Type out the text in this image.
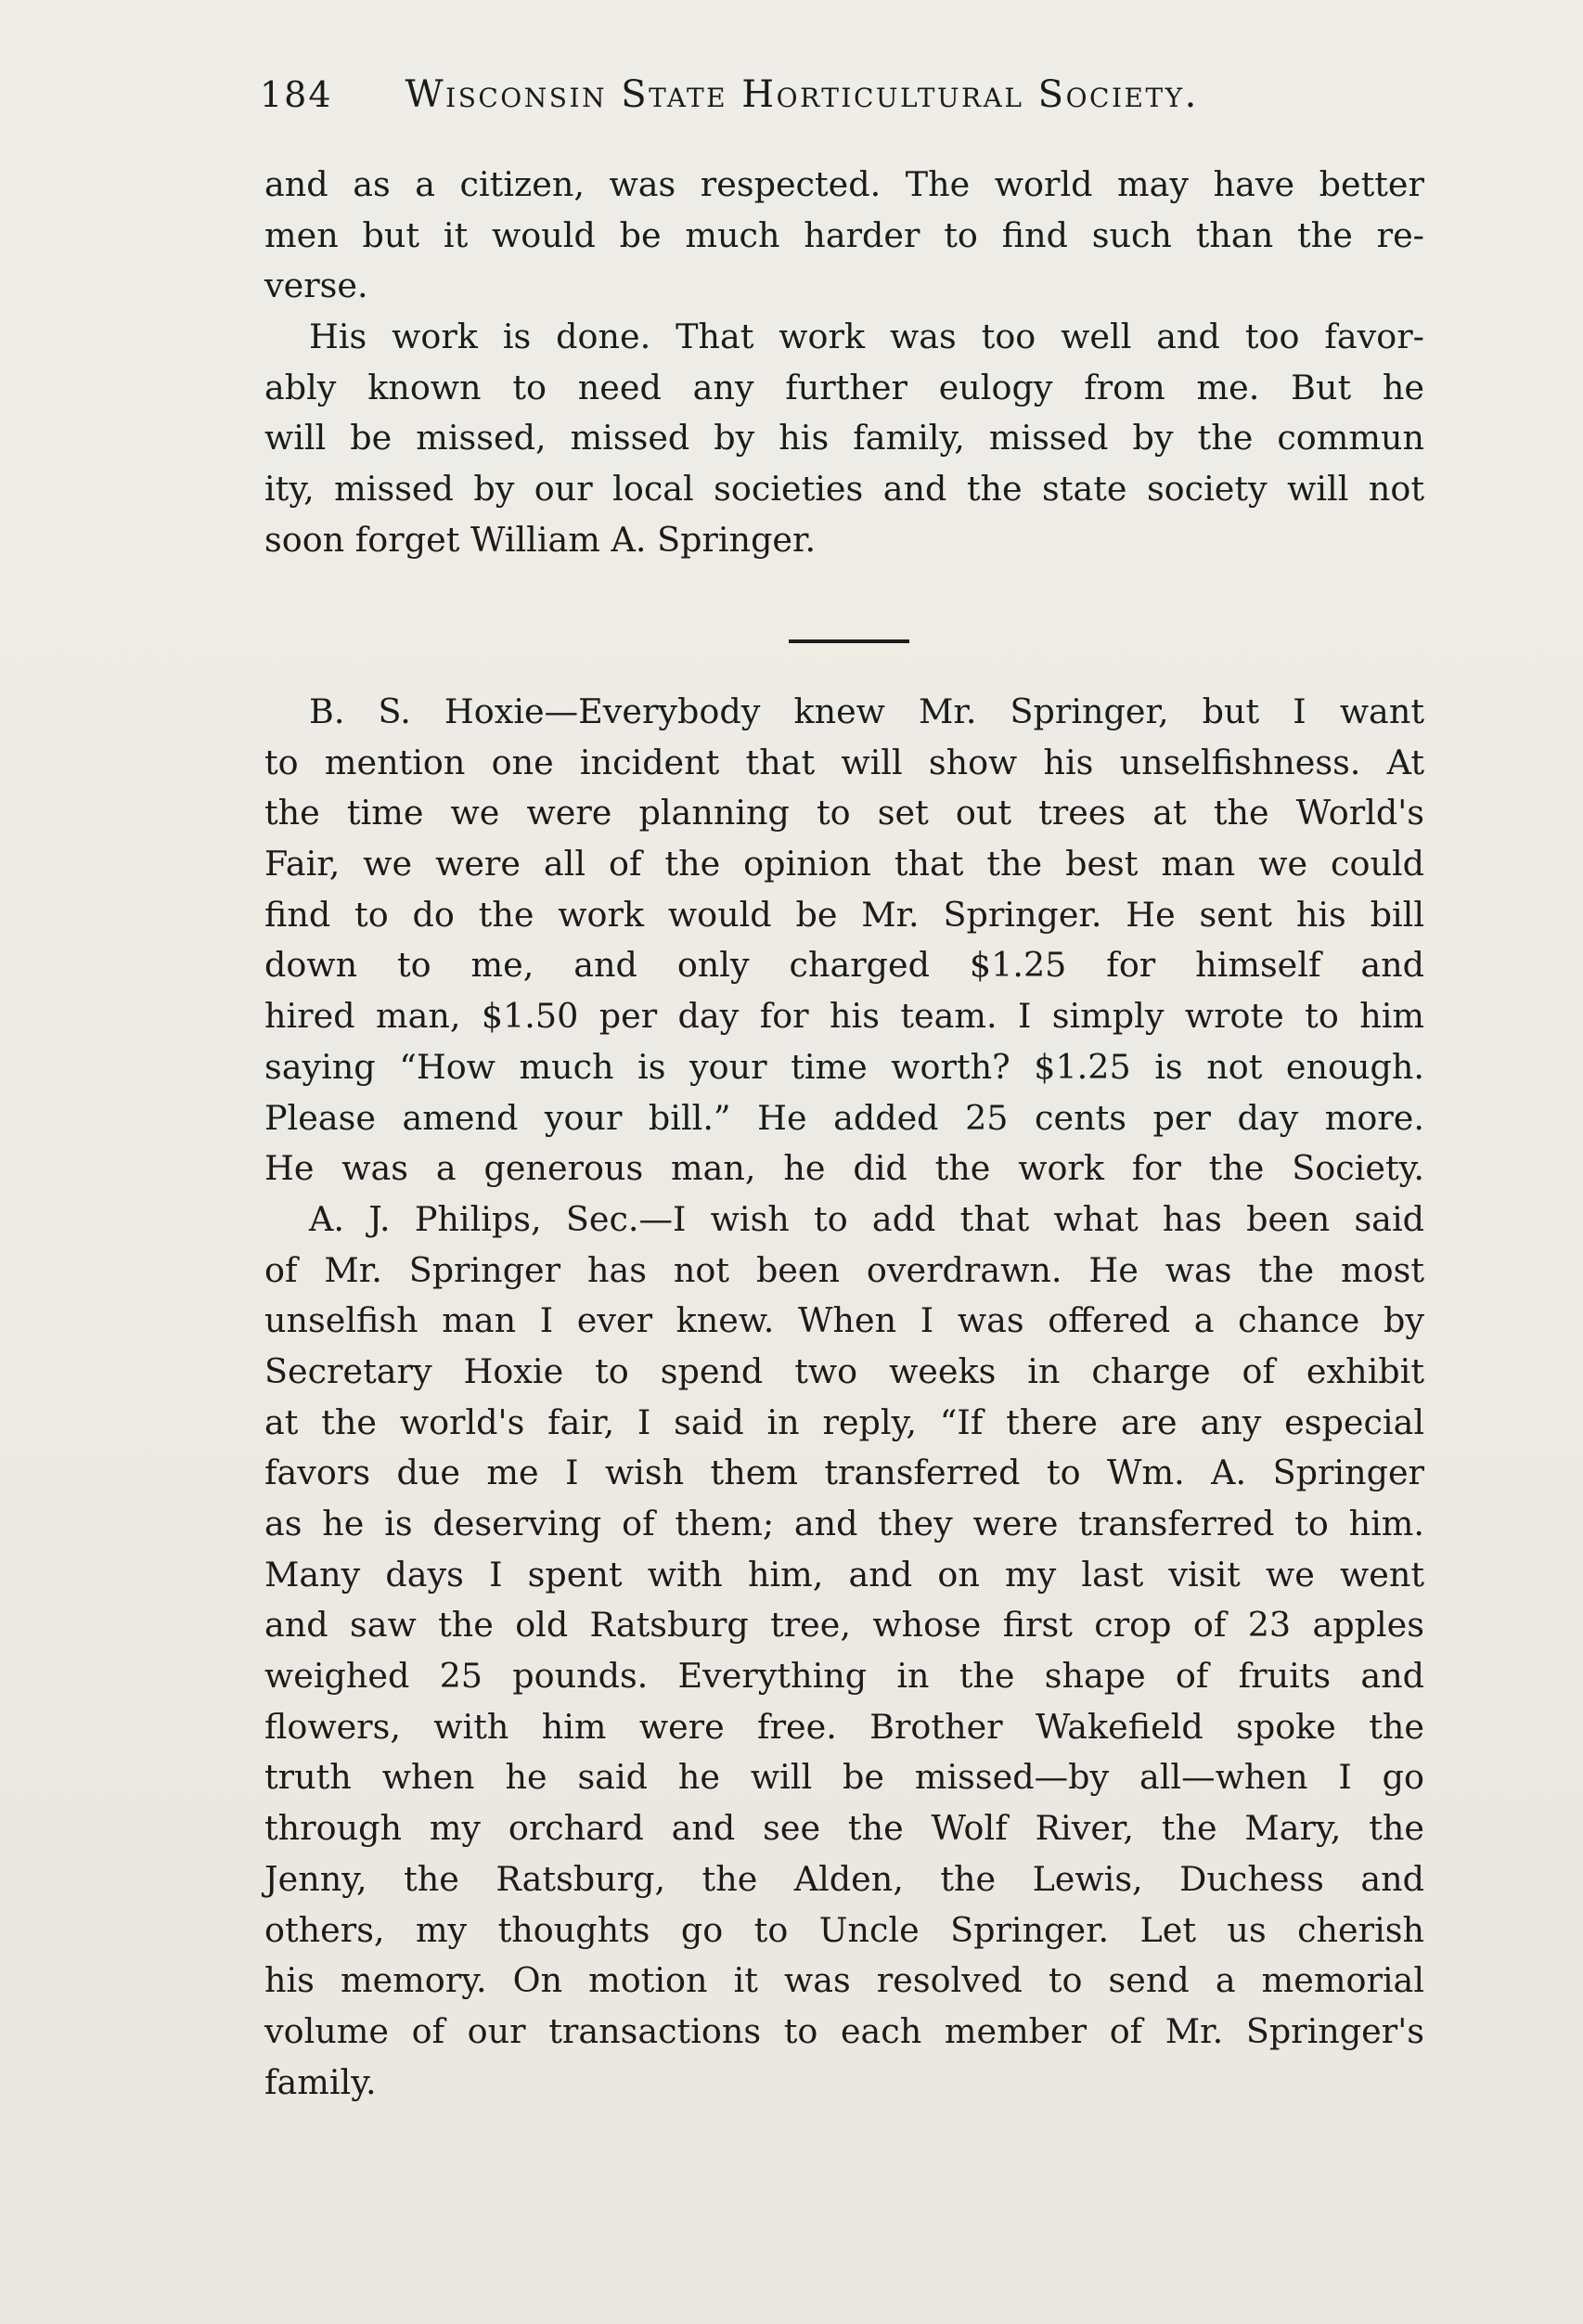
184 Wisconsin State Horticultural Society.
and as a citizen, was respected. The world may have better
men but it would be much harder to find such than the re-
verse.
His work is done. That work was too well and too favor-
ably known to need any further eulogy from me. But he
will be missed, missed by his family, missed by the commun
ity, missed by our local societies and the state society will not
soon forget William A. Springer.
B. S. Hoxie—Everybody knew Mr. Springer, but I want
to mention one incident that will show his unselfishness. At
the time we were planning to set out trees at the World's
Fair, we were all of the opinion that the best man we could
find to do the work would be Mr. Springer. He sent his bill
down to me, and only charged $1.25 for himself and
hired man, $1.50 per day for his team. I simply wrote to him
saying “How much is your time worth? $1.25 is not enough.
Please amend your bill.” He added 25 cents per day more.
He was a generous man, he did the work for the Society.
A. J. Philips, Sec.—I wish to add that what has been said
of Mr. Springer has not been overdrawn. He was the most
unselfish man I ever knew. When I was offered a chance by
Secretary Hoxie to spend two weeks in charge of exhibit
at the world's fair, I said in reply, “If there are any especial
favors due me I wish them transferred to Wm. A. Springer
as he is deserving of them; and they were transferred to him.
Many days I spent with him, and on my last visit we went
and saw the old Ratsburg tree, whose first crop of 23 apples
weighed 25 pounds. Everything in the shape of fruits and
flowers, with him were free. Brother Wakefield spoke the
truth when he said he will be missed—by all—when I go
through my orchard and see the Wolf River, the Mary, the
Jenny, the Ratsburg, the Alden, the Lewis, Duchess and
others, my thoughts go to Uncle Springer. Let us cherish
his memory. On motion it was resolved to send a memorial
volume of our transactions to each member of Mr. Springer's
family.
